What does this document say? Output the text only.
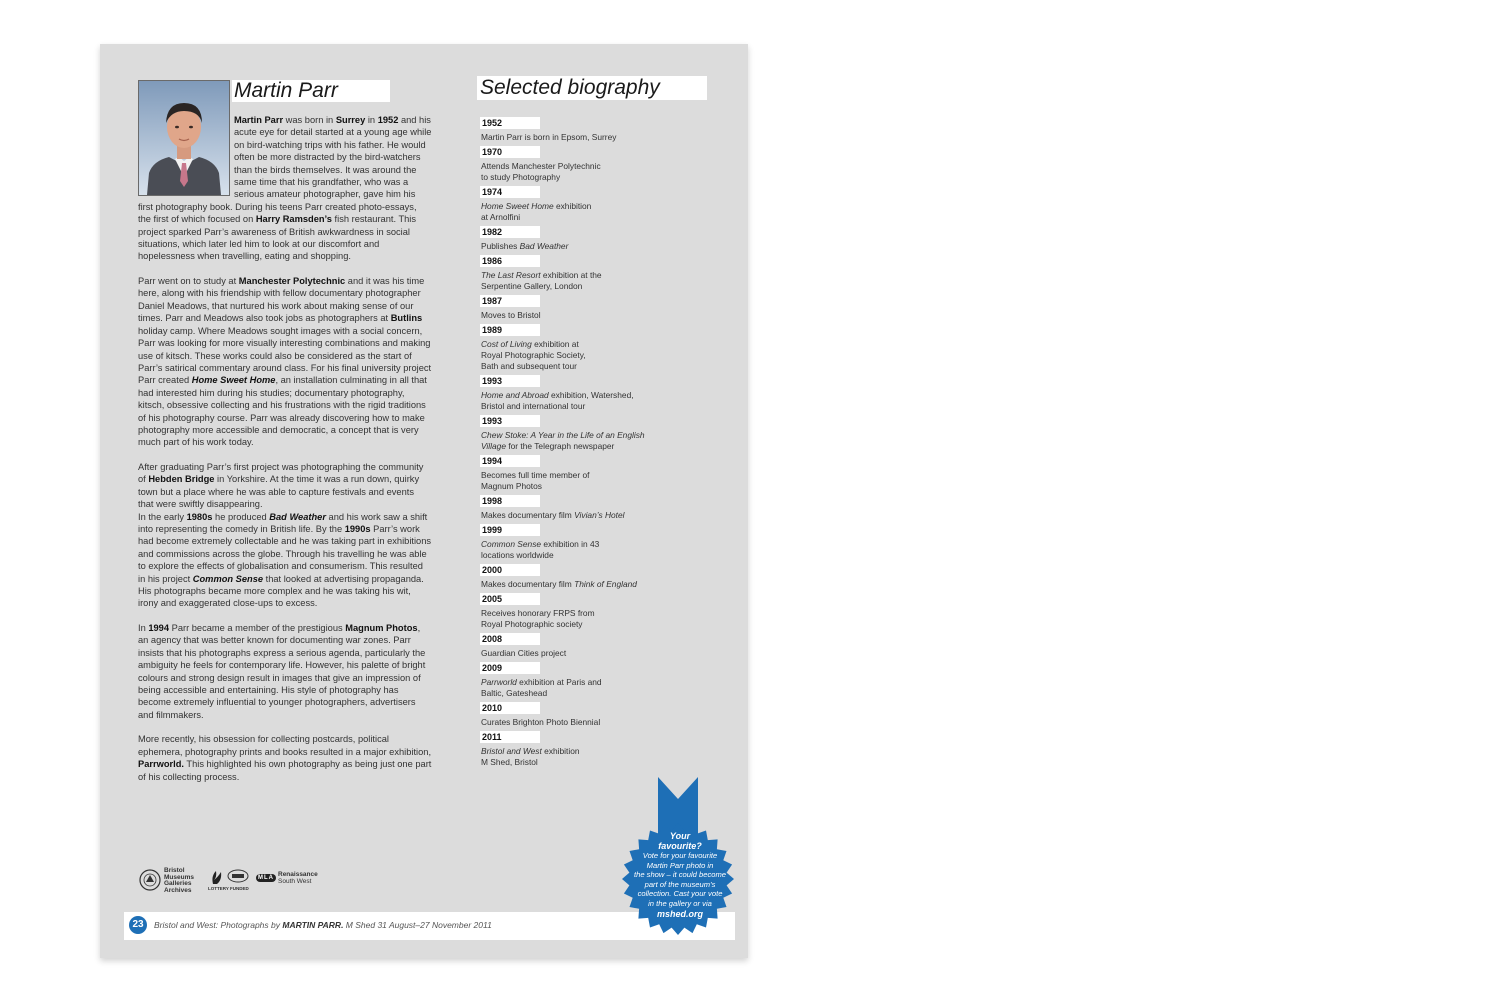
Martin Parr	Selected biography

Martin Parr was born in Surrey in 1952 and his acute eye for detail started at a young age while on bird-watching trips with his father. He would often be more distracted by the bird-watchers than the birds themselves. It was around the same time that his grandfather, who was a serious amateur photographer, gave him his first photography book. During his teens Parr created photo-essays, the first of which focused on Harry Ramsden’s fish restaurant. This project sparked Parr’s awareness of British awkwardness in social situations, which later led him to look at our discomfort and hopelessness when travelling, eating and shopping.

Parr went on to study at Manchester Polytechnic and it was his time here, along with his friendship with fellow documentary photographer Daniel Meadows, that nurtured his work about making sense of our times. Parr and Meadows also took jobs as photographers at Butlins holiday camp. Where Meadows sought images with a social concern, Parr was looking for more visually interesting combinations and making use of kitsch. These works could also be considered as the start of Parr’s satirical commentary around class. For his final university project Parr created Home Sweet Home, an installation culminating in all that had interested him during his studies; documentary photography, kitsch, obsessive collecting and his frustrations with the rigid traditions of his photography course. Parr was already discovering how to make photography more accessible and democratic, a concept that is very much part of his work today.

After graduating Parr’s first project was photographing the community of Hebden Bridge in Yorkshire. At the time it was a run down, quirky town but a place where he was able to capture festivals and events that were swiftly disappearing.
In the early 1980s he produced Bad Weather and his work saw a shift into representing the comedy in British life. By the 1990s Parr’s work had become extremely collectable and he was taking part in exhibitions and commissions across the globe. Through his travelling he was able to explore the effects of globalisation and consumerism. This resulted in his project Common Sense that looked at advertising propaganda.
His photographs became more complex and he was taking his wit, irony and exaggerated close-ups to excess.

In 1994 Parr became a member of the prestigious Magnum Photos, an agency that was better known for documenting war zones. Parr insists that his photographs express a serious agenda, particularly the ambiguity he feels for contemporary life. However, his palette of bright colours and strong design result in images that give an impression of being accessible and entertaining. His style of photography has become extremely influential to younger photographers, advertisers and filmmakers.

More recently, his obsession for collecting postcards, political ephemera, photography prints and books resulted in a major exhibition, Parrworld. This highlighted his own photography as being just one part of his collecting process.

1952
Martin Parr is born in Epsom, Surrey
1970
Attends Manchester Polytechnic
to study Photography
1974
Home Sweet Home exhibition
at Arnolfini
1982
Publishes Bad Weather
1986
The Last Resort exhibition at the
Serpentine Gallery, London
1987
Moves to Bristol
1989
Cost of Living exhibition at
Royal Photographic Society,
Bath and subsequent tour
1993
Home and Abroad exhibition, Watershed,
Bristol and international tour
1993
Chew Stoke: A Year in the Life of an English
Village for the Telegraph newspaper
1994
Becomes full time member of
Magnum Photos
1998
Makes documentary film Vivian’s Hotel
1999
Common Sense exhibition in 43
locations worldwide
2000
Makes documentary film Think of England
2005
Receives honorary FRPS from
Royal Photographic society
2008
Guardian Cities project
2009
Parrworld exhibition at Paris and
Baltic, Gateshead
2010
Curates Brighton Photo Biennial
2011
Bristol and West exhibition
M Shed, Bristol
Bristol
Museums
Galleries
Archives	LOTTERY FUNDED
MLA Renaissance
South West
23	Bristol and West: Photographs by MARTIN PARR. M Shed 31 August–27 November 2011
Your
favourite?
Vote for your favourite
Martin Parr photo in
the show – it could become
part of the museum’s
collection. Cast your vote
in the gallery or via
mshed.org
